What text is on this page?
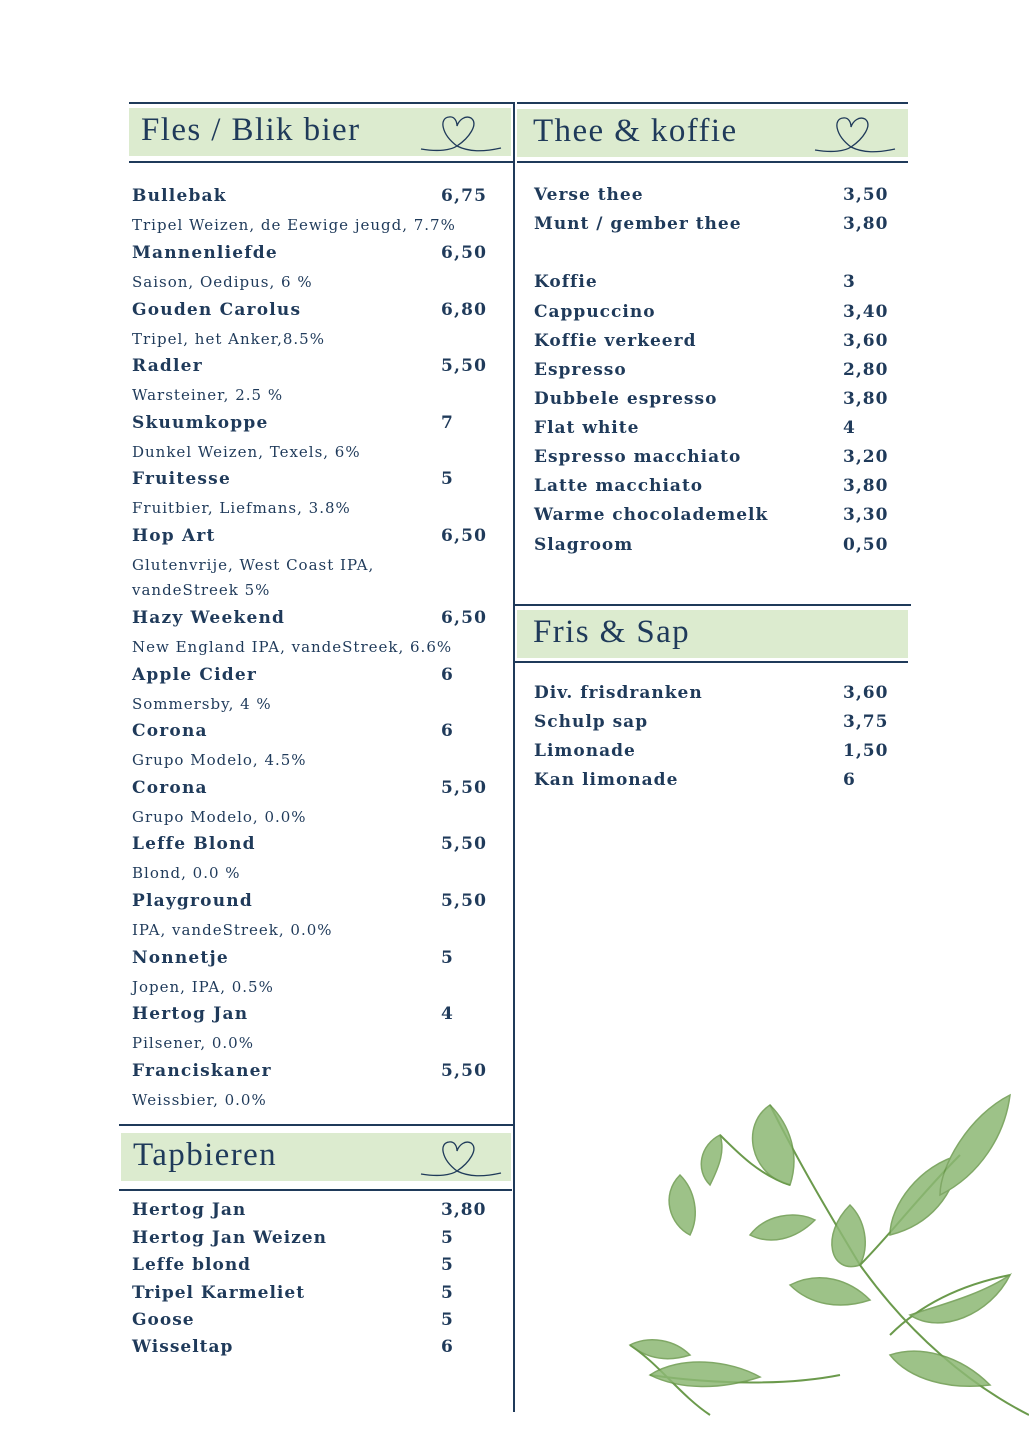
Fles / Blik bier	Thee & koffie
Tapbieren
Fris & Sap
Bullebak	6,75
Tripel Weizen, de Eewige jeugd, 7.7%
Mannenliefde	6,50
Saison, Oedipus, 6 %
Gouden Carolus	6,80
Tripel, het Anker,8.5%
Radler	5,50
Warsteiner, 2.5 %
Skuumkoppe	7
Dunkel Weizen, Texels, 6%
Fruitesse	5
Fruitbier, Liefmans, 3.8%
Hop Art	6,50
Glutenvrije, West Coast IPA, vandeStreek 5%
Hazy Weekend	6,50
New England IPA, vandeStreek, 6.6%
Apple Cider	6
Sommersby, 4 %
Corona	6
Grupo Modelo, 4.5%
Corona	5,50
Grupo Modelo, 0.0%
Leffe Blond	5,50
Blond, 0.0 %
Playground	5,50
IPA, vandeStreek, 0.0%
Nonnetje	5
Jopen, IPA, 0.5%
Hertog Jan	4
Pilsener, 0.0%
Franciskaner	5,50
Weissbier, 0.0%
Hertog Jan	3,80
Hertog Jan Weizen	5
Leffe blond	5
Tripel Karmeliet	5
Goose	5
Wisseltap	6
Verse thee	3,50
Munt / gember thee	3,80
Koffie	3
Cappuccino	3,40
Koffie verkeerd	3,60
Espresso	2,80
Dubbele espresso	3,80
Flat white	4
Espresso macchiato	3,20
Latte macchiato	3,80
Warme chocolademelk	3,30
Slagroom	0,50
Div. frisdranken	3,60
Schulp sap	3,75
Limonade	1,50
Kan limonade	6
